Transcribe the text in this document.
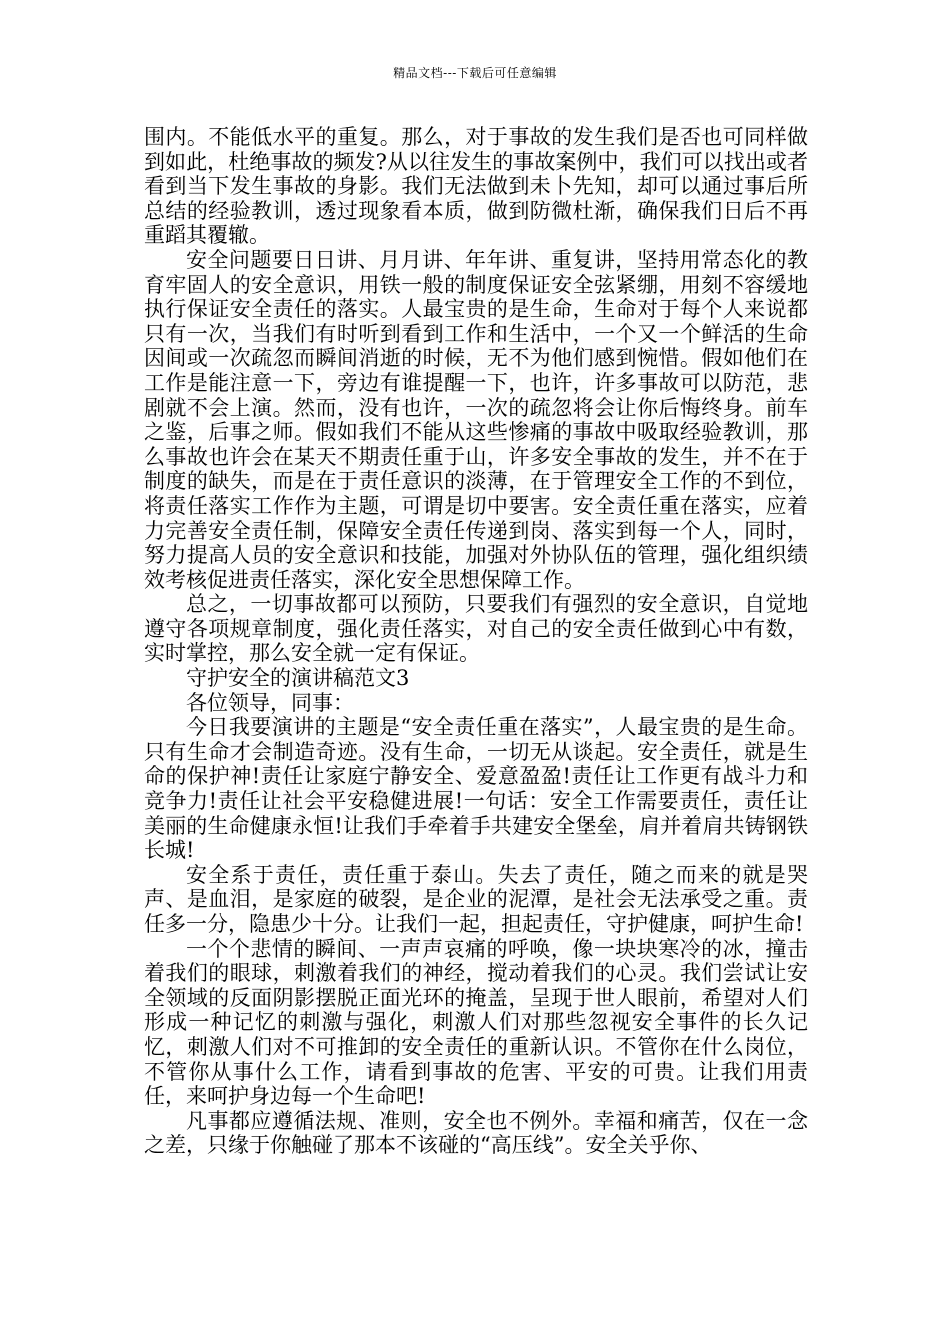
精品文档---下载后可任意编辑

围内。不能低水平的重复。那么，对于事故的发生我们是否也可同样做到如此，杜绝事故的频发?从以往发生的事故案例中，我们可以找出或者看到当下发生事故的身影。我们无法做到未卜先知，却可以通过事后所总结的经验教训，透过现象看本质，做到防微杜渐，确保我们日后不再重蹈其覆辙。

安全问题要日日讲、月月讲、年年讲、重复讲，坚持用常态化的教育牢固人的安全意识，用铁一般的制度保证安全弦紧绷，用刻不容缓地执行保证安全责任的落实。人最宝贵的是生命，生命对于每个人来说都只有一次，当我们有时听到看到工作和生活中，一个又一个鲜活的生命因间或一次疏忽而瞬间消逝的时候，无不为他们感到惋惜。假如他们在工作是能注意一下，旁边有谁提醒一下，也许，许多事故可以防范，悲剧就不会上演。然而，没有也许，一次的疏忽将会让你后悔终身。前车之鉴，后事之师。假如我们不能从这些惨痛的事故中吸取经验教训，那么事故也许会在某天不期责任重于山，许多安全事故的发生，并不在于制度的缺失，而是在于责任意识的淡薄，在于管理安全工作的不到位，将责任落实工作作为主题，可谓是切中要害。安全责任重在落实，应着力完善安全责任制，保障安全责任传递到岗、落实到每一个人，同时，努力提高人员的安全意识和技能，加强对外协队伍的管理，强化组织绩效考核促进责任落实，深化安全思想保障工作。

总之，一切事故都可以预防，只要我们有强烈的安全意识，自觉地遵守各项规章制度，强化责任落实，对自己的安全责任做到心中有数，实时掌控，那么安全就一定有保证。

守护安全的演讲稿范文3

各位领导，同事：

今日我要演讲的主题是“安全责任重在落实”，人最宝贵的是生命。只有生命才会制造奇迹。没有生命，一切无从谈起。安全责任，就是生命的保护神!责任让家庭宁静安全、爱意盈盈!责任让工作更有战斗力和竞争力!责任让社会平安稳健进展!一句话：安全工作需要责任，责任让美丽的生命健康永恒!让我们手牵着手共建安全堡垒，肩并着肩共铸钢铁长城!

安全系于责任，责任重于泰山。失去了责任，随之而来的就是哭声、是血泪，是家庭的破裂，是企业的泥潭，是社会无法承受之重。责任多一分，隐患少十分。让我们一起，担起责任，守护健康，呵护生命!

一个个悲情的瞬间、一声声哀痛的呼唤，像一块块寒冷的冰，撞击着我们的眼球，刺激着我们的神经，搅动着我们的心灵。我们尝试让安全领域的反面阴影摆脱正面光环的掩盖，呈现于世人眼前，希望对人们形成一种记忆的刺激与强化，刺激人们对那些忽视安全事件的长久记忆，刺激人们对不可推卸的安全责任的重新认识。不管你在什么岗位，不管你从事什么工作，请看到事故的危害、平安的可贵。让我们用责任，来呵护身边每一个生命吧!

凡事都应遵循法规、准则，安全也不例外。幸福和痛苦，仅在一念之差，只缘于你触碰了那本不该碰的“高压线”。安全关乎你、
